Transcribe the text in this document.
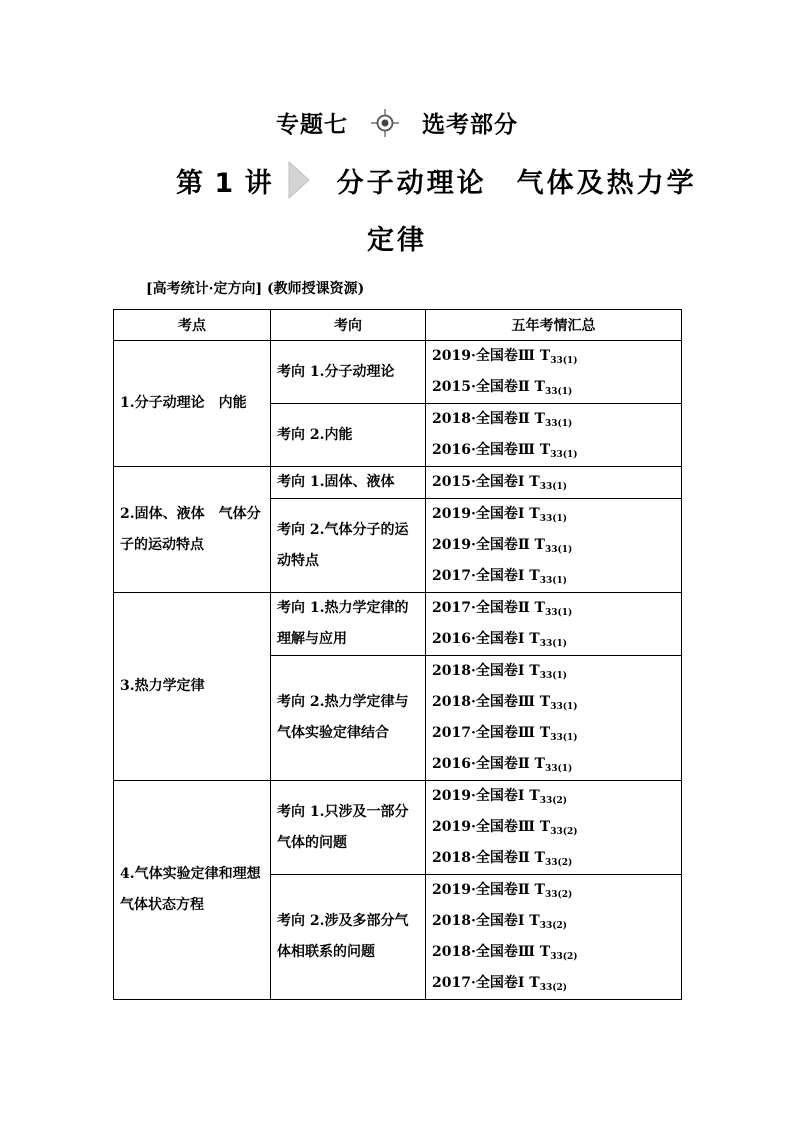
专题七	选考部分
第 1 讲 分子动理论 气体及热力学
定律
[高考统计·定方向] (教师授课资源)
考点	考向	五年考情汇总
1.分子动理论　内能	考向 1.分子动理论	2019·全国卷Ⅲ $T_{33(1)}$
2015·全国卷Ⅱ $T_{33(1)}$

	考向 2.内能	2018·全国卷Ⅱ $T_{33(1)}$
2016·全国卷Ⅲ $T_{33(1)}$

2.固体、液体　气体分子的运动特点	考向 1.固体、液体	2015·全国卷Ⅰ $T_{33(1)}$

	考向 2.气体分子的运动特点	2019·全国卷Ⅰ $T_{33(1)}$
2019·全国卷Ⅱ $T_{33(1)}$
2017·全国卷Ⅰ $T_{33(1)}$

3.热力学定律	考向 1.热力学定律的理解与应用	2017·全国卷Ⅱ $T_{33(1)}$
2016·全国卷Ⅰ $T_{33(1)}$

	考向 2.热力学定律与气体实验定律结合	2018·全国卷Ⅰ $T_{33(1)}$
2018·全国卷Ⅲ $T_{33(1)}$
2017·全国卷Ⅲ $T_{33(1)}$
2016·全国卷Ⅱ $T_{33(1)}$

4.气体实验定律和理想气体状态方程	考向 1.只涉及一部分气体的问题	2019·全国卷Ⅰ $T_{33(2)}$
2019·全国卷Ⅲ $T_{33(2)}$
2018·全国卷Ⅱ $T_{33(2)}$

	考向 2.涉及多部分气体相联系的问题	2019·全国卷Ⅱ $T_{33(2)}$
2018·全国卷Ⅰ $T_{33(2)}$
2018·全国卷Ⅲ $T_{33(2)}$
2017·全国卷Ⅰ $T_{33(2)}$
